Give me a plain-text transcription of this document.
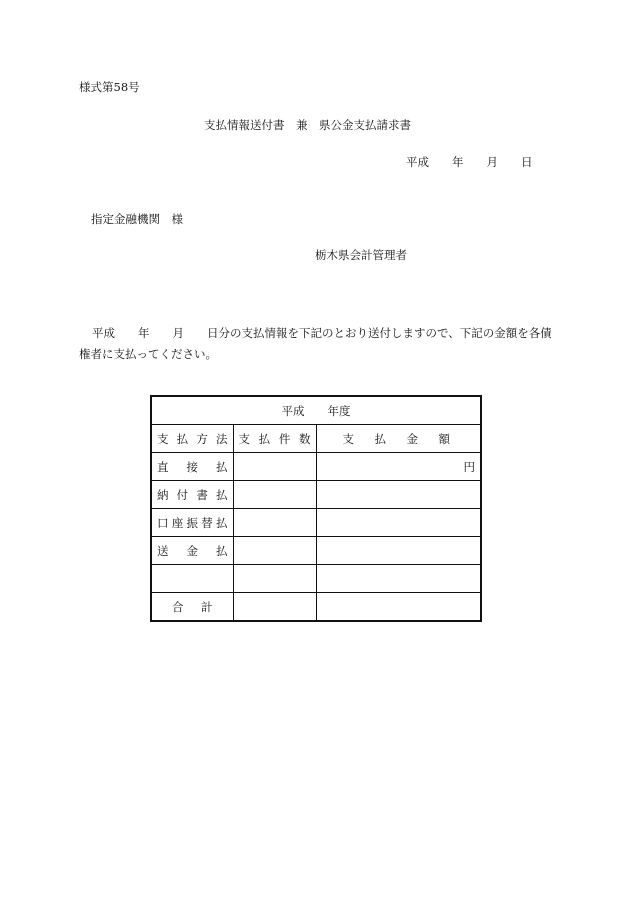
様式第58号
支払情報送付書　兼　県公金支払請求書
平成　　年　　月　　日
指定金融機関　様
栃木県会計管理者
平成　　年　　月　　日分の支払情報を下記のとおり送付しますので、下記の金額を各債権者に支払ってください。
平成　　年度		

支 払 方 法	支 払 件 数	支 払 金 額

直 接 払		円

納 付 書 払		

口 座 振 替 払		

送 金 払		

合 計		
